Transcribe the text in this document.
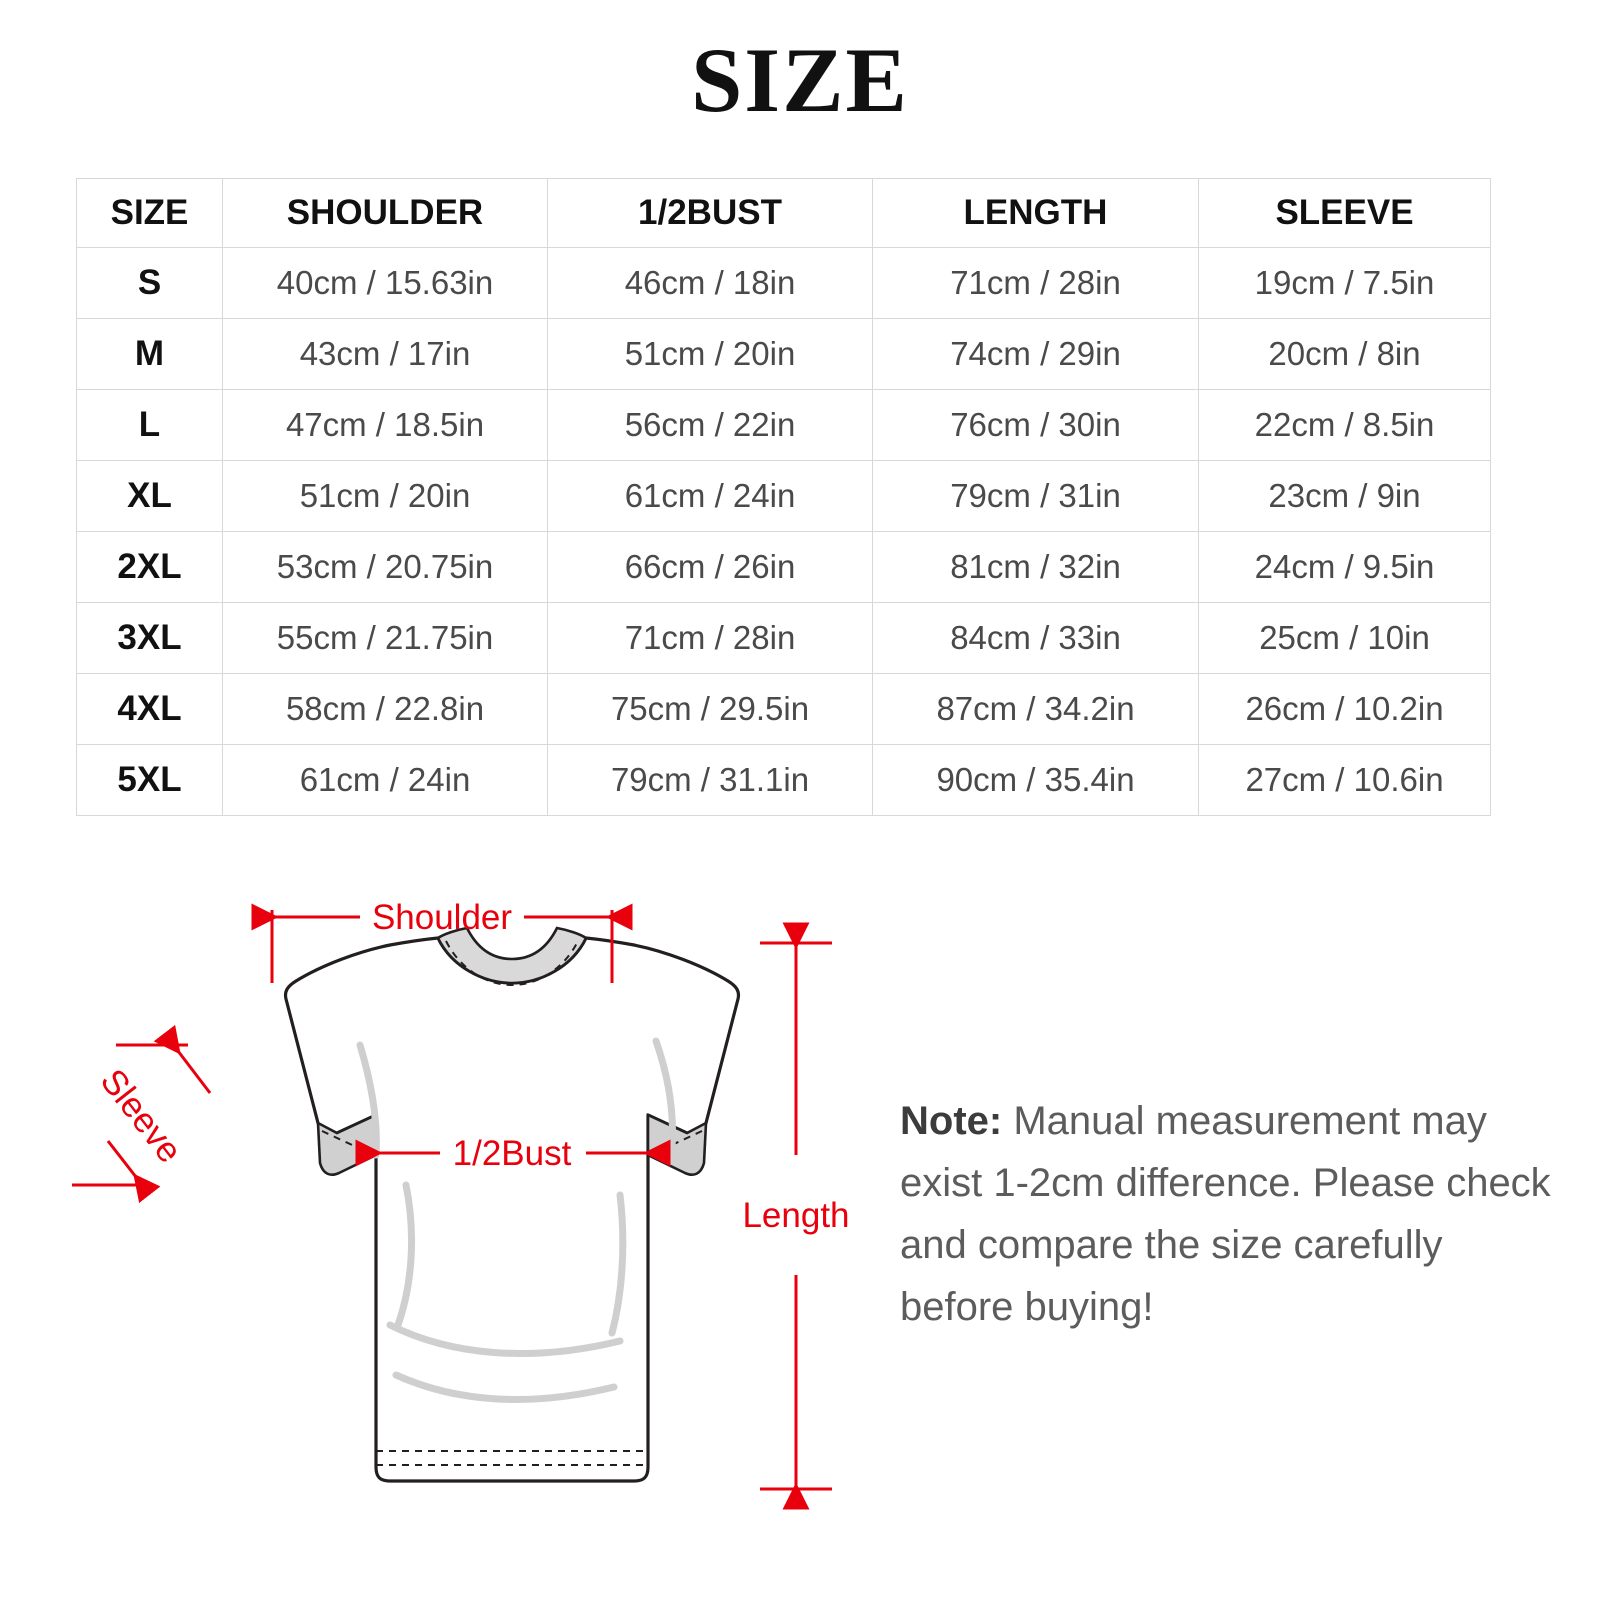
SIZE
SIZE	SHOULDER	1/2BUST	LENGTH	SLEEVE
S	40cm / 15.63in	46cm / 18in	71cm / 28in	19cm / 7.5in
M	43cm / 17in	51cm / 20in	74cm / 29in	20cm / 8in
L	47cm / 18.5in	56cm / 22in	76cm / 30in	22cm / 8.5in
XL	51cm / 20in	61cm / 24in	79cm / 31in	23cm / 9in
2XL	53cm / 20.75in	66cm / 26in	81cm / 32in	24cm / 9.5in
3XL	55cm / 21.75in	71cm / 28in	84cm / 33in	25cm / 10in
4XL	58cm / 22.8in	75cm / 29.5in	87cm / 34.2in	26cm / 10.2in
5XL	61cm / 24in	79cm / 31.1in	90cm / 35.4in	27cm / 10.6in
Shoulder
Sleeve	1/2Bust
Length
Note: Manual measurement may exist 1-2cm difference. Please check and compare the size carefully before buying!
